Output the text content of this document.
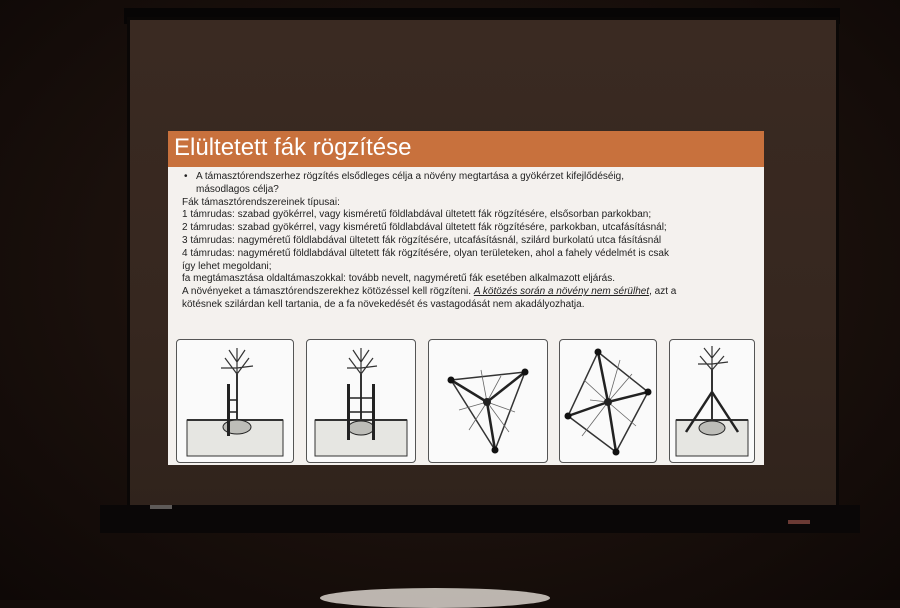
Elültetett fák rögzítése

• A támasztórendszerhez rögzítés elsődleges célja a növény megtartása a gyökérzet kifejlődéséig,

másodlagos célja?

Fák támasztórendszereinek típusai:

1 támrudas: szabad gyökérrel, vagy kisméretű földlabdával ültetett fák rögzítésére, elsősorban parkokban;

2 támrudas: szabad gyökérrel, vagy kisméretű földlabdával ültetett fák rögzítésére, parkokban, utcafásításnál;

3 támrudas: nagyméretű földlabdával ültetett fák rögzítésére, utcafásításnál, szilárd burkolatú utca fásításnál

4 támrudas: nagyméretű földlabdával ültetett fák rögzítésére, olyan területeken, ahol a fahely védelmét is csak

így lehet megoldani;

fa megtámasztása oldaltámaszokkal: tovább nevelt, nagyméretű fák esetében alkalmazott eljárás.

A növényeket a támasztórendszerekhez kötözéssel kell rögzíteni. A kötözés során a növény nem sérülhet, azt a

kötésnek szilárdan kell tartania, de a fa növekedését és vastagodását nem akadályozhatja.
